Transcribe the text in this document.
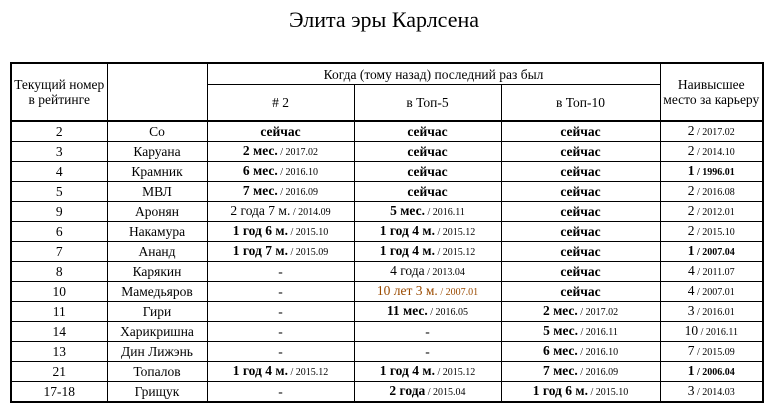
Элита эры Карлсена
Текущий номер в рейтинге		Когда (тому назад) последний раз был			Наивысшее место за карьеру
		# 2	в Топ-5	в Топ-10	
2	Со	сейчас	сейчас	сейчас	2 / 2017.02
3	Каруана	2 мес. / 2017.02	сейчас	сейчас	2 / 2014.10
4	Крамник	6 мес. / 2016.10	сейчас	сейчас	1 / 1996.01
5	МВЛ	7 мес. / 2016.09	сейчас	сейчас	2 / 2016.08
9	Аронян	2 года 7 м. / 2014.09	5 мес. / 2016.11	сейчас	2 / 2012.01
6	Накамура	1 год 6 м. / 2015.10	1 год 4 м. / 2015.12	сейчас	2 / 2015.10
7	Ананд	1 год 7 м. / 2015.09	1 год 4 м. / 2015.12	сейчас	1 / 2007.04
8	Карякин	-	4 года / 2013.04	сейчас	4 / 2011.07
10	Мамедьяров	-	10 лет 3 м. / 2007.01	сейчас	4 / 2007.01
11	Гири	-	11 мес. / 2016.05	2 мес. / 2017.02	3 / 2016.01
14	Харикришна	-	-	5 мес. / 2016.11	10 / 2016.11
13	Дин Лижэнь	-	-	6 мес. / 2016.10	7 / 2015.09
21	Топалов	1 год 4 м. / 2015.12	1 год 4 м. / 2015.12	7 мес. / 2016.09	1 / 2006.04
17-18	Грищук	-	2 года / 2015.04	1 год 6 м. / 2015.10	3 / 2014.03
